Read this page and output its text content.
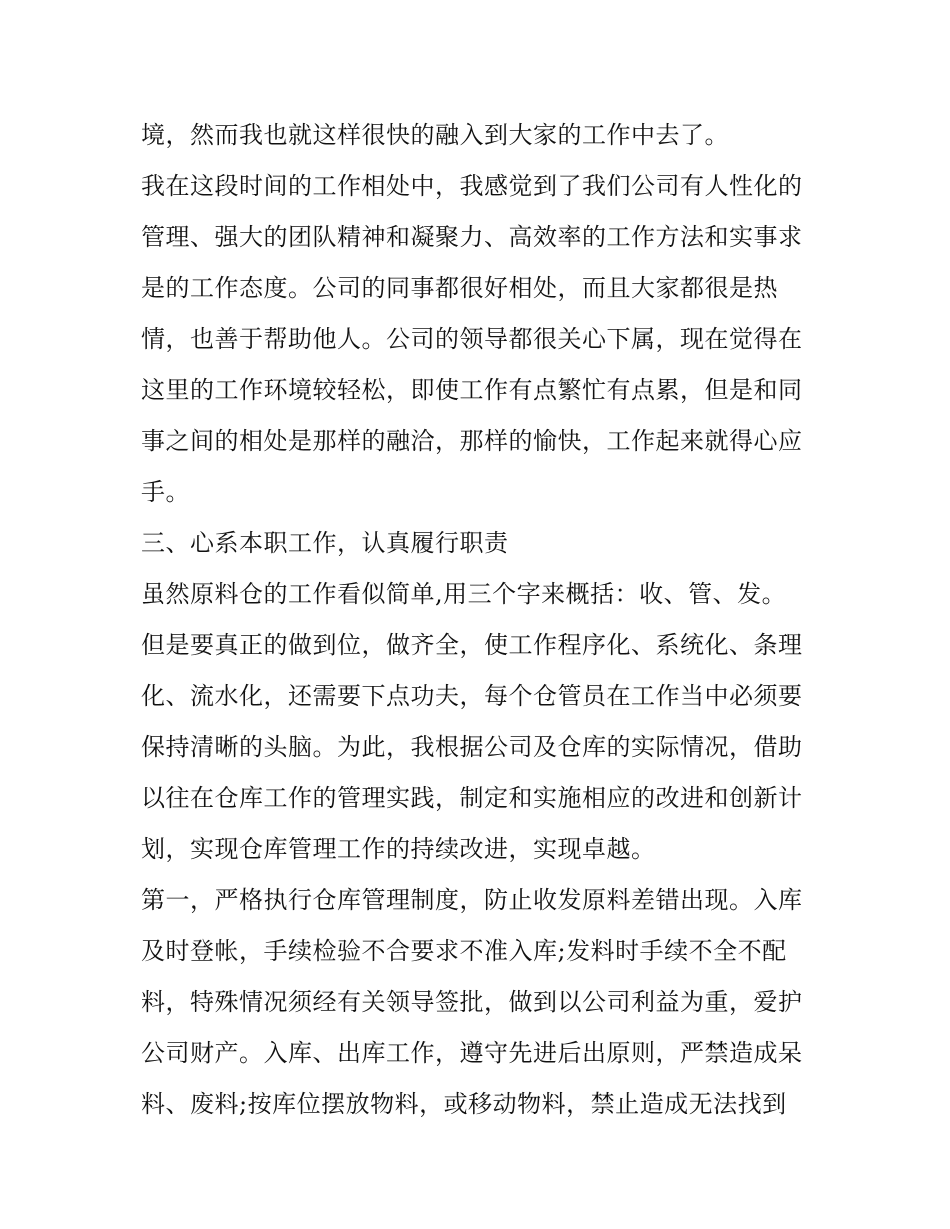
境，然而我也就这样很快的融入到大家的工作中去了。
我在这段时间的工作相处中，我感觉到了我们公司有人性化的
管理、强大的团队精神和凝聚力、高效率的工作方法和实事求
是的工作态度。公司的同事都很好相处，而且大家都很是热
情，也善于帮助他人。公司的领导都很关心下属，现在觉得在
这里的工作环境较轻松，即使工作有点繁忙有点累，但是和同
事之间的相处是那样的融洽，那样的愉快，工作起来就得心应
手。
三、心系本职工作，认真履行职责
虽然原料仓的工作看似简单,用三个字来概括：收、管、发。
但是要真正的做到位，做齐全，使工作程序化、系统化、条理
化、流水化，还需要下点功夫，每个仓管员在工作当中必须要
保持清晰的头脑。为此，我根据公司及仓库的实际情况，借助
以往在仓库工作的管理实践，制定和实施相应的改进和创新计
划，实现仓库管理工作的持续改进，实现卓越。
第一，严格执行仓库管理制度，防止收发原料差错出现。入库
及时登帐，手续检验不合要求不准入库;发料时手续不全不配
料，特殊情况须经有关领导签批，做到以公司利益为重，爱护
公司财产。入库、出库工作，遵守先进后出原则，严禁造成呆
料、废料;按库位摆放物料，或移动物料，禁止造成无法找到
